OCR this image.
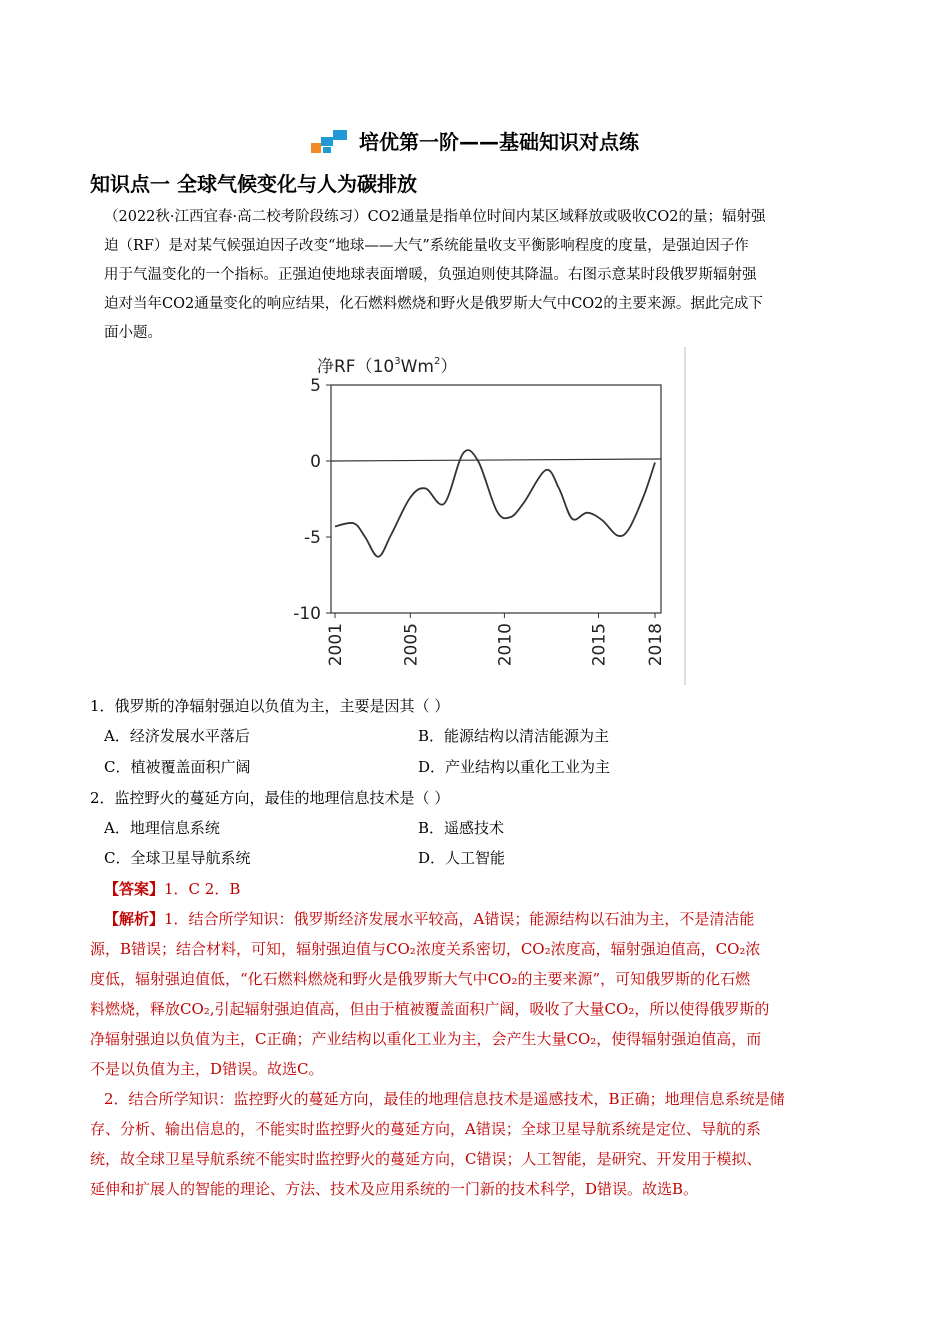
培优第一阶——基础知识对点练
知识点一 全球气候变化与人为碳排放
（2022秋·江西宜春·高二校考阶段练习）CO2通量是指单位时间内某区域释放或吸收CO2的量；辐射强
迫（RF）是对某气候强迫因子改变“地球——大气”系统能量收支平衡影响程度的度量，是强迫因子作
用于气温变化的一个指标。正强迫使地球表面增暖，负强迫则使其降温。右图示意某时段俄罗斯辐射强
迫对当年CO2通量变化的响应结果，化石燃料燃烧和野火是俄罗斯大气中CO2的主要来源。据此完成下
面小题。
净$RF(10^3Wm^2)$
5
0
-5
-10
2001	2005	2010	2015 2018
1．俄罗斯的净辐射强迫以负值为主，主要是因其（ ）
A．经济发展水平落后	B．能源结构以清洁能源为主
C．植被覆盖面积广阔	D．产业结构以重化工业为主
2．监控野火的蔓延方向，最佳的地理信息技术是（ ）
A．地理信息系统	B．遥感技术
C．全球卫星导航系统	D．人工智能
【答案】1．C 2．B
【解析】1．结合所学知识：俄罗斯经济发展水平较高，A错误；能源结构以石油为主，不是清洁能
源，B错误；结合材料，可知，辐射强迫值与CO₂浓度关系密切，CO₂浓度高，辐射强迫值高，CO₂浓
度低，辐射强迫值低，“化石燃料燃烧和野火是俄罗斯大气中CO₂的主要来源”，可知俄罗斯的化石燃
料燃烧，释放CO₂,引起辐射强迫值高，但由于植被覆盖面积广阔，吸收了大量CO₂，所以使得俄罗斯的
净辐射强迫以负值为主，C正确；产业结构以重化工业为主，会产生大量CO₂，使得辐射强迫值高，而
不是以负值为主，D错误。故选C。
2．结合所学知识：监控野火的蔓延方向，最佳的地理信息技术是遥感技术，B正确；地理信息系统是储
存、分析、输出信息的，不能实时监控野火的蔓延方向，A错误；全球卫星导航系统是定位、导航的系
统，故全球卫星导航系统不能实时监控野火的蔓延方向，C错误；人工智能，是研究、开发用于模拟、
延伸和扩展人的智能的理论、方法、技术及应用系统的一门新的技术科学，D错误。故选B。
